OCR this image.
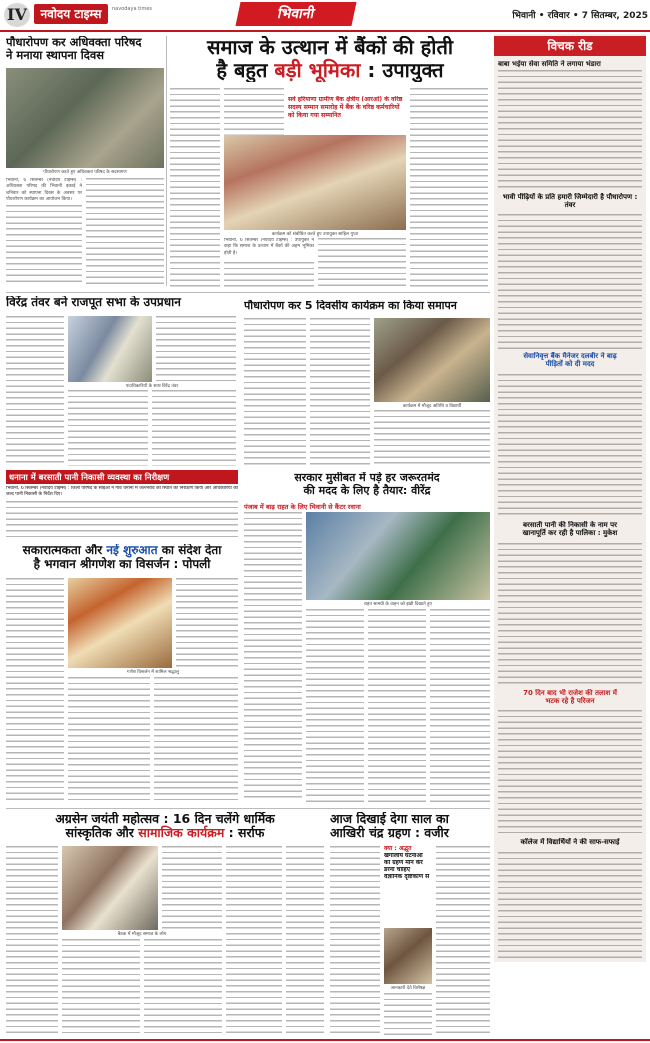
IV	नवोदय टाइम्स	navodaya times	भिवानी	भिवानी • रविवार • 7 सितम्बर, 2025
पौधारोपण कर अधिवक्ता परिषद
ने मनाया स्थापना दिवस
पौधारोपण करते हुए अधिवक्ता परिषद के सदस्यगण
भिवानी, 6 सितम्बर (नवोदय टाइम्स) : अधिवक्ता परिषद की भिवानी इकाई ने शनिवार को स्थापना दिवस के अवसर पर पौधारोपण कार्यक्रम का आयोजन किया।
समाज के उत्थान में बैंकों की होती
है बहुत बड़ी भूमिका : उपायुक्त
सर्व हरियाणा ग्रामीण बैंक क्षेत्रीय (आरओ) के वरिष्ठ सदस्य सम्मान समारोह में बैंक के वरिष्ठ कर्मचारियों को किया गया सम्मानित
कार्यक्रम को संबोधित करते हुए उपायुक्त साहिल गुप्ता
भिवानी, 6 सितम्बर (नवोदय टाइम्स) : उपायुक्त ने कहा कि समाज के उत्थान में बैंकों की अहम भूमिका होती है।
विचक रीड
बाबा भईया सेवा समिति ने लगाया भंडारा
भावी पीढ़ियों के प्रति हमारी जिम्मेदारी है पौधारोपण : तंवर
सेवानिवृत्त बैंक मैनेजर दलबीर ने बाढ़
पीड़ितों को दी मदद
बरसाती पानी की निकासी के नाम पर
खानापूर्ति कर रही है पालिका : मुकेश
70 दिन बाद भी राजेश की तलाश में
भटक रहे है परिजन
कॉलेज में विद्यार्थियों ने की साफ-सफाई
विरेंद्र तंवर बने राजपूत सभा के उपप्रधान
पदाधिकारियों के साथ विरेंद्र तंवर
पौधारोपण कर 5 दिवसीय कार्यक्रम का किया समापन
कार्यक्रम में मौजूद अतिथि व विद्यार्थी
धनाना में बरसाती पानी निकासी व्यवस्था का निरीक्षण
भिवानी, 6 सितम्बर (नवोदय टाइम्स) : जिला परिषद के सीईओ ने गांव धनाना में जलभराव की स्थिति का निरीक्षण किया और अधिकारियों को जल्द पानी निकासी के निर्देश दिए।
सरकार मुसीबत में पड़े हर जरूरतमंद
की मदद के लिए है तैयार: वीरेंद्र
पंजाब में बाढ़ राहत के लिए भिवानी से कैंटर रवाना
राहत सामग्री के वाहन को झंडी दिखाते हुए
सकारात्मकता और नई शुरुआत का संदेश देता
है भगवान श्रीगणेश का विसर्जन : पोपली
गणेश विसर्जन में शामिल श्रद्धालु
अग्रसेन जयंती महोत्सव : 16 दिन चलेंगे धार्मिक
सांस्कृतिक और सामाजिक कार्यक्रम : सर्राफ
बैठक में मौजूद समाज के लोग
आज दिखाई देगा साल का
आखिरी चंद्र ग्रहण : वजीर
क्या : अद्भुत
खगोलीय घटनाओं
को ग्रहण मान कर
डरना चाहिए
वैज्ञानिक दृष्टिकोण से
जानकारी देते विशेषज्ञ
